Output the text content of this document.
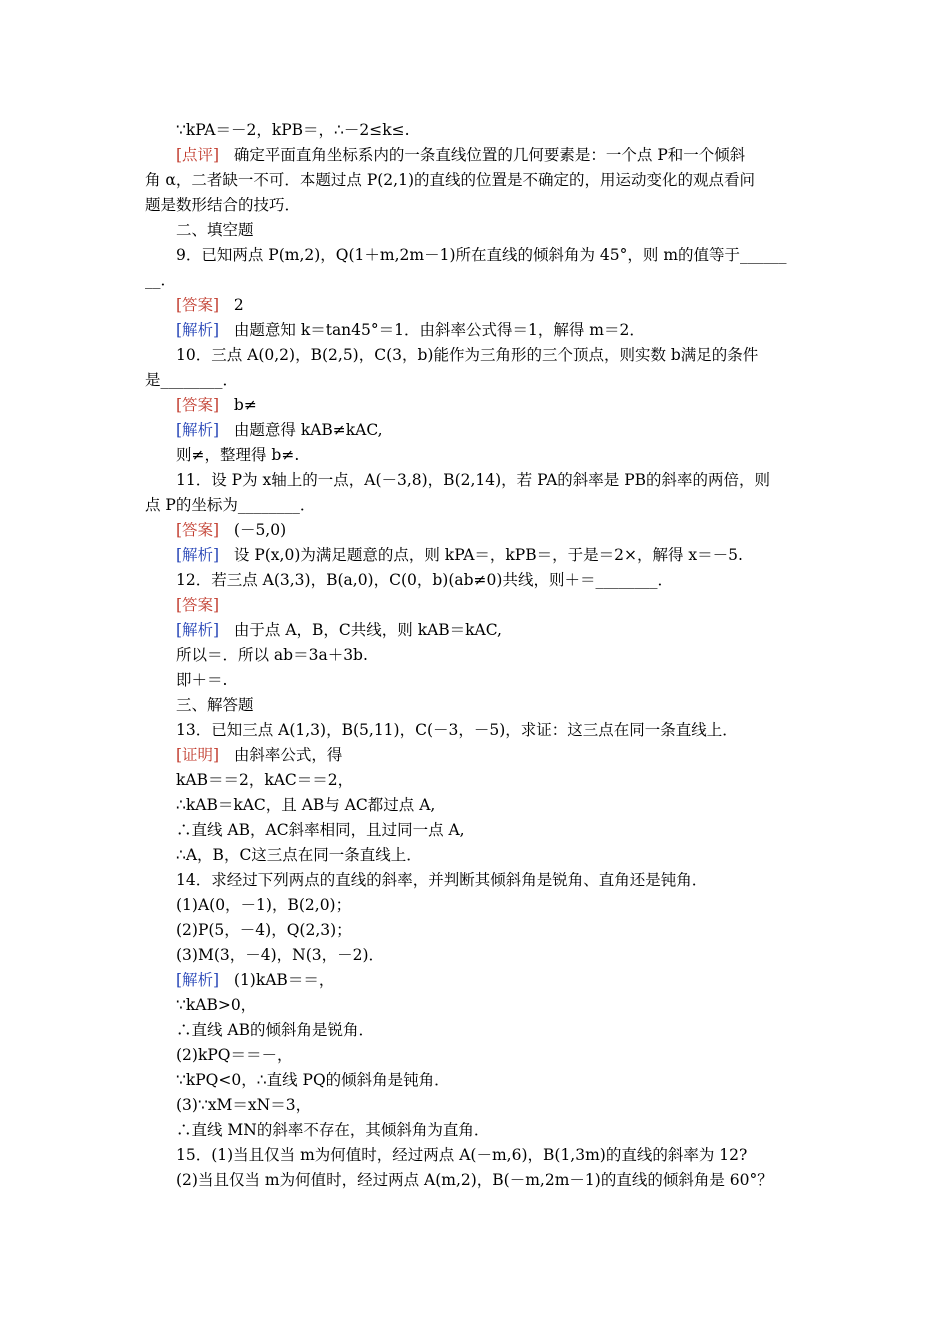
∵kPA＝－2，kPB＝，∴－2≤k≤.
[点评] 确定平面直角坐标系内的一条直线位置的几何要素是：一个点 P和一个倾斜
角 α，二者缺一不可．本题过点 P(2,1)的直线的位置是不确定的，用运动变化的观点看问
题是数形结合的技巧．
二、填空题
9．已知两点 P(m,2)，Q(1＋m,2m－1)所在直线的倾斜角为 45°，则 m的值等于______
__．
[答案] 2
[解析] 由题意知 k＝tan45°＝1．由斜率公式得＝1，解得 m＝2．
10．三点 A(0,2)，B(2,5)，C(3，b)能作为三角形的三个顶点，则实数 b满足的条件
是________．
[答案] b≠
[解析] 由题意得 kAB≠kAC,
则≠，整理得 b≠.
11．设 P为 x轴上的一点，A(－3,8)，B(2,14)，若 PA的斜率是 PB的斜率的两倍，则
点 P的坐标为________．
[答案] (－5,0)
[解析] 设 P(x,0)为满足题意的点，则 kPA＝，kPB＝，于是＝2×，解得 x＝－5.
12．若三点 A(3,3)，B(a,0)，C(0，b)(ab≠0)共线，则＋＝________．
[答案]
[解析] 由于点 A，B，C共线，则 kAB＝kAC,
所以＝．所以 ab＝3a＋3b.
即＋＝.
三、解答题
13．已知三点 A(1,3)，B(5,11)，C(－3，－5)，求证：这三点在同一条直线上．
[证明] 由斜率公式，得
kAB＝＝2，kAC＝＝2，
∴kAB＝kAC，且 AB与 AC都过点 A,
∴直线 AB，AC斜率相同，且过同一点 A,
∴A，B，C这三点在同一条直线上．
14．求经过下列两点的直线的斜率，并判断其倾斜角是锐角、直角还是钝角．
(1)A(0，－1)，B(2,0)；
(2)P(5，－4)，Q(2,3)；
(3)M(3，－4)，N(3，－2)．
[解析] (1)kAB＝＝，
∵kAB>0，
∴直线 AB的倾斜角是锐角．
(2)kPQ＝＝－，
∵kPQ<0，∴直线 PQ的倾斜角是钝角．
(3)∵xM＝xN＝3，
∴直线 MN的斜率不存在，其倾斜角为直角．
15．(1)当且仅当 m为何值时，经过两点 A(－m,6)，B(1,3m)的直线的斜率为 12?
(2)当且仅当 m为何值时，经过两点 A(m,2)，B(－m,2m－1)的直线的倾斜角是 60°？
